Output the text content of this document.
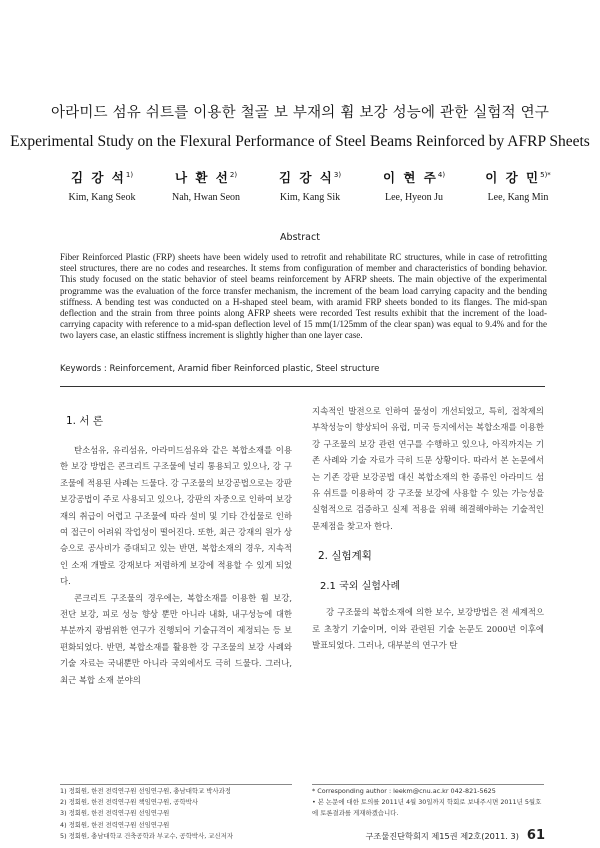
아라미드 섬유 쉬트를 이용한 철골 보 부재의 휨 보강 성능에 관한 실험적 연구
Experimental Study on the Flexural Performance of Steel Beams Reinforced by AFRP Sheets
김 강 석$^{1)}$
Kim, Kang Seok
나 환 선$^{2)}$
Nah, Hwan Seon
김 강 식$^{3)}$
Kim, Kang Sik
이 현 주$^{4)}$
Lee, Hyeon Ju
이 강 민$^{5)*}$
Lee, Kang Min
Abstract
Fiber Reinforced Plastic (FRP) sheets have been widely used to retrofit and rehabilitate RC structures, while in case of retrofitting steel structures, there are no codes and researches. It stems from configuration of member and characteristics of bonding behavior. This study focused on the static behavior of steel beams reinforcement by AFRP sheets. The main objective of the experimental programme was the evaluation of the force transfer mechanism, the increment of the beam load carrying capacity and the bending stiffness. A bending test was conducted on a H-shaped steel beam, with aramid FRP sheets bonded to its flanges. The mid-span deflection and the strain from three points along AFRP sheets were recorded Test results exhibit that the increment of the load-carrying capacity with reference to a mid-span deflection level of 15 mm(1/125mm of the clear span) was equal to 9.4% and for the two layers case, an elastic stiffness increment is slightly higher than one layer case.
Keywords : Reinforcement, Aramid fiber Reinforced plastic, Steel structure
1. 서 론

탄소섬유, 유리섬유, 아라미드섬유와 같은 복합소재를 이용한 보강 방법은 콘크리트 구조물에 널리 통용되고 있으나, 강 구조물에 적용된 사례는 드물다. 강 구조물의 보강공법으로는 강판 보강공법이 주로 사용되고 있으나, 강판의 자중으로 인하여 보강재의 취급이 어렵고 구조물에 따라 설비 및 기타 간섭물로 인하여 접근이 어려워 작업성이 떨어진다. 또한, 최근 강재의 원가 상승으로 공사비가 증대되고 있는 반면, 복합소재의 경우, 지속적인 소재 개발로 강재보다 저렴하게 보강에 적용할 수 있게 되었다.

콘크리트 구조물의 경우에는, 복합소재를 이용한 휨 보강, 전단 보강, 피로 성능 향상 뿐만 아니라 내화, 내구성능에 대한 부분까지 광범위한 연구가 진행되어 기술규격이 제정되는 등 보편화되었다. 반면, 복합소재를 활용한 강 구조물의 보강 사례와 기술 자료는 국내뿐만 아니라 국외에서도 극히 드물다. 그러나, 최근 복합 소재 분야의

지속적인 발전으로 인하여 물성이 개선되었고, 특히, 접착제의 부착성능이 향상되어 유럽, 미국 등지에서는 복합소재를 이용한 강 구조물의 보강 관련 연구를 수행하고 있으나, 아직까지는 기존 사례와 기술 자료가 극히 드문 상황이다. 따라서 본 논문에서는 기존 강판 보강공법 대신 복합소재의 한 종류인 아라미드 섬유 쉬트를 이용하여 강 구조물 보강에 사용할 수 있는 가능성을 실험적으로 검증하고 실제 적용을 위해 해결해야하는 기술적인 문제점을 찾고자 한다.

2. 실험계획
2.1 국외 실험사례

강 구조물의 복합소재에 의한 보수, 보강방법은 전 세계적으로 초창기 기술이며, 이와 관련된 기술 논문도 2000년 이후에 발표되었다. 그러나, 대부분의 연구가 탄

1) 정회원, 한전 전력연구원 선임연구원, 충남대학교 박사과정
2) 정회원, 한전 전력연구원 책임연구원, 공학박사
3) 정회원, 한전 전력연구원 선임연구원
4) 정회원, 한전 전력연구원 선임연구원
5) 정회원, 충남대학교 건축공학과 부교수, 공학박사, 교신저자
* Corresponding author : leekm@cnu.ac.kr 042-821-5625
• 본 논문에 대한 토의를 2011년 4월 30일까지 학회로 보내주시면 2011년 5월호에 토론결과를 게재하겠습니다.
구조물진단학회지 제15권 제2호(2011. 3) 61
